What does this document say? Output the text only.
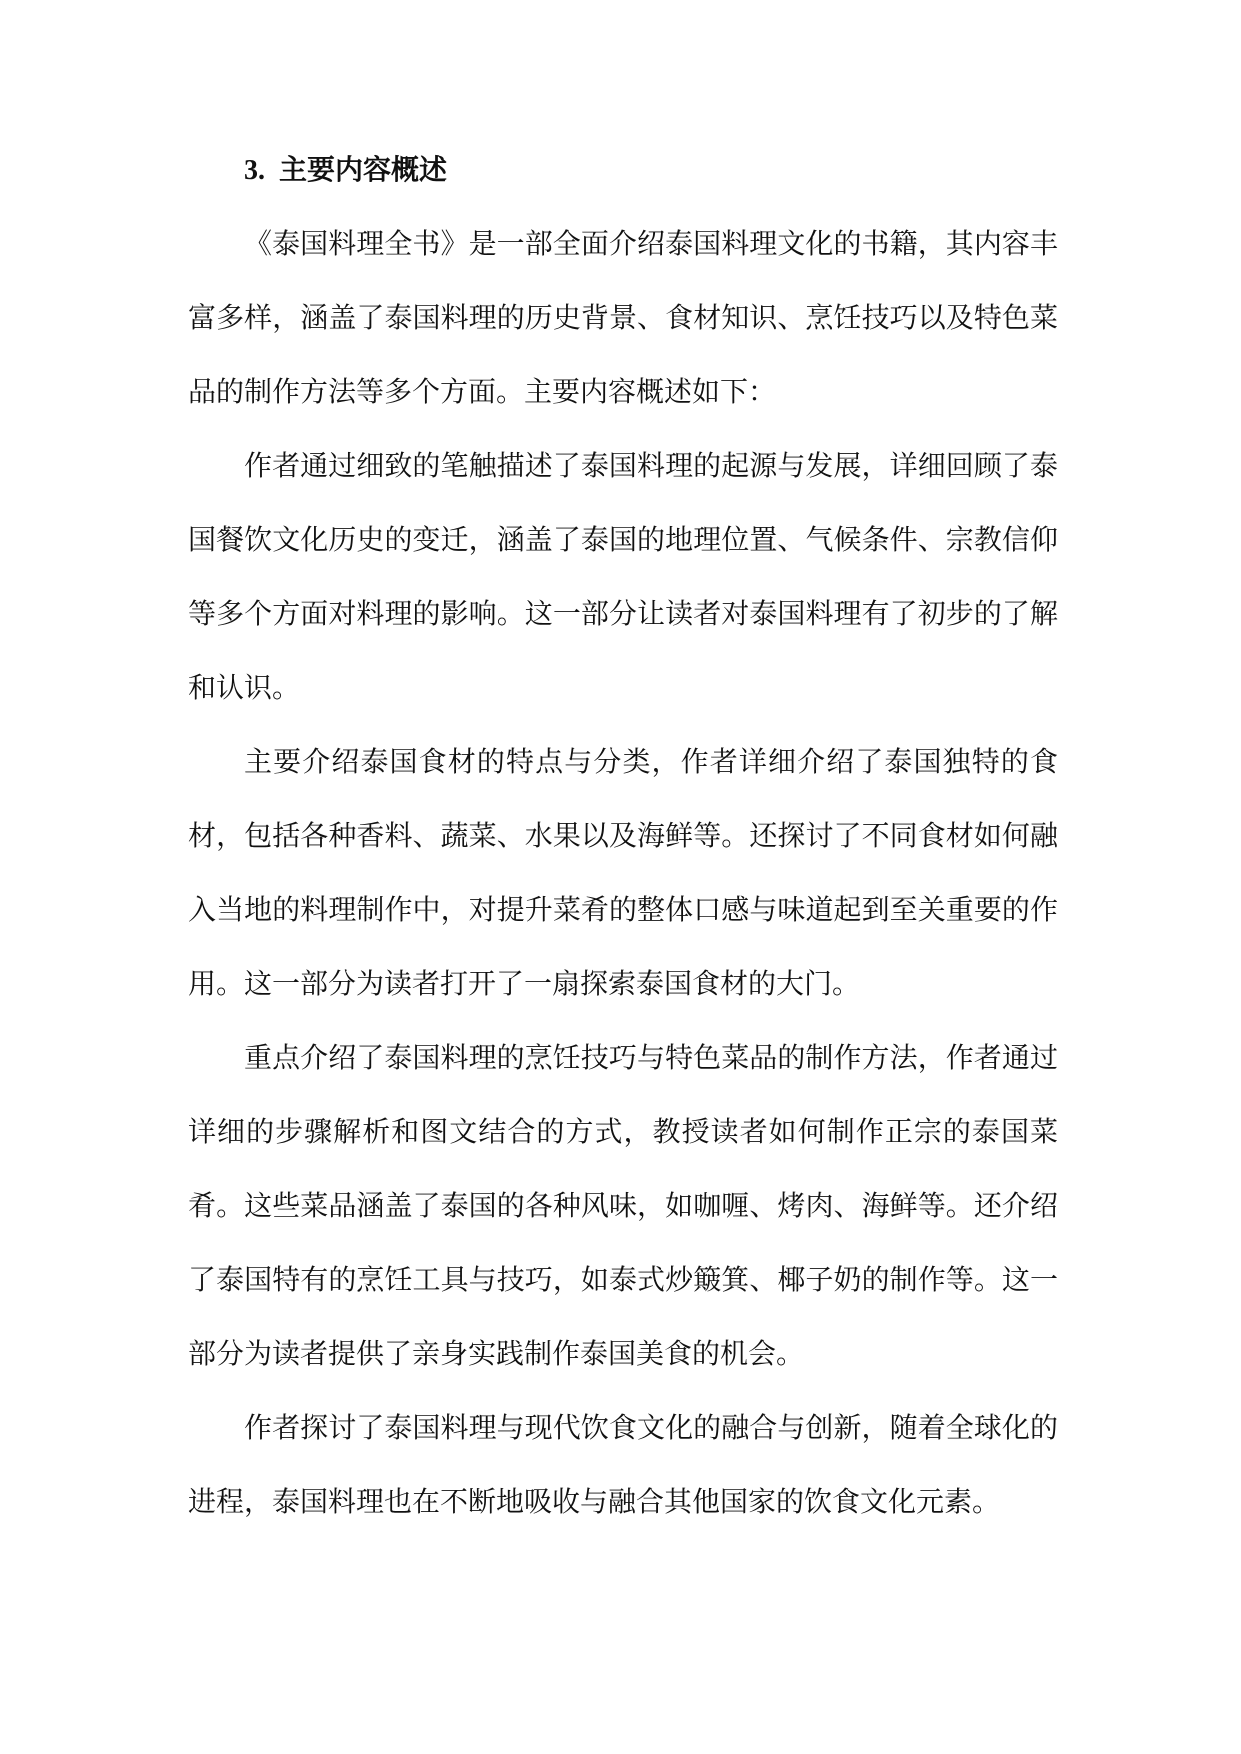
3. 主要内容概述

《泰国料理全书》是一部全面介绍泰国料理文化的书籍，其内容丰富多样，涵盖了泰国料理的历史背景、食材知识、烹饪技巧以及特色菜品的制作方法等多个方面。主要内容概述如下：

作者通过细致的笔触描述了泰国料理的起源与发展，详细回顾了泰国餐饮文化历史的变迁，涵盖了泰国的地理位置、气候条件、宗教信仰等多个方面对料理的影响。这一部分让读者对泰国料理有了初步的了解和认识。

主要介绍泰国食材的特点与分类，作者详细介绍了泰国独特的食材，包括各种香料、蔬菜、水果以及海鲜等。还探讨了不同食材如何融入当地的料理制作中，对提升菜肴的整体口感与味道起到至关重要的作用。这一部分为读者打开了一扇探索泰国食材的大门。

重点介绍了泰国料理的烹饪技巧与特色菜品的制作方法，作者通过详细的步骤解析和图文结合的方式，教授读者如何制作正宗的泰国菜肴。这些菜品涵盖了泰国的各种风味，如咖喱、烤肉、海鲜等。还介绍了泰国特有的烹饪工具与技巧，如泰式炒簸箕、椰子奶的制作等。这一部分为读者提供了亲身实践制作泰国美食的机会。

作者探讨了泰国料理与现代饮食文化的融合与创新，随着全球化的进程，泰国料理也在不断地吸收与融合其他国家的饮食文化元素。
